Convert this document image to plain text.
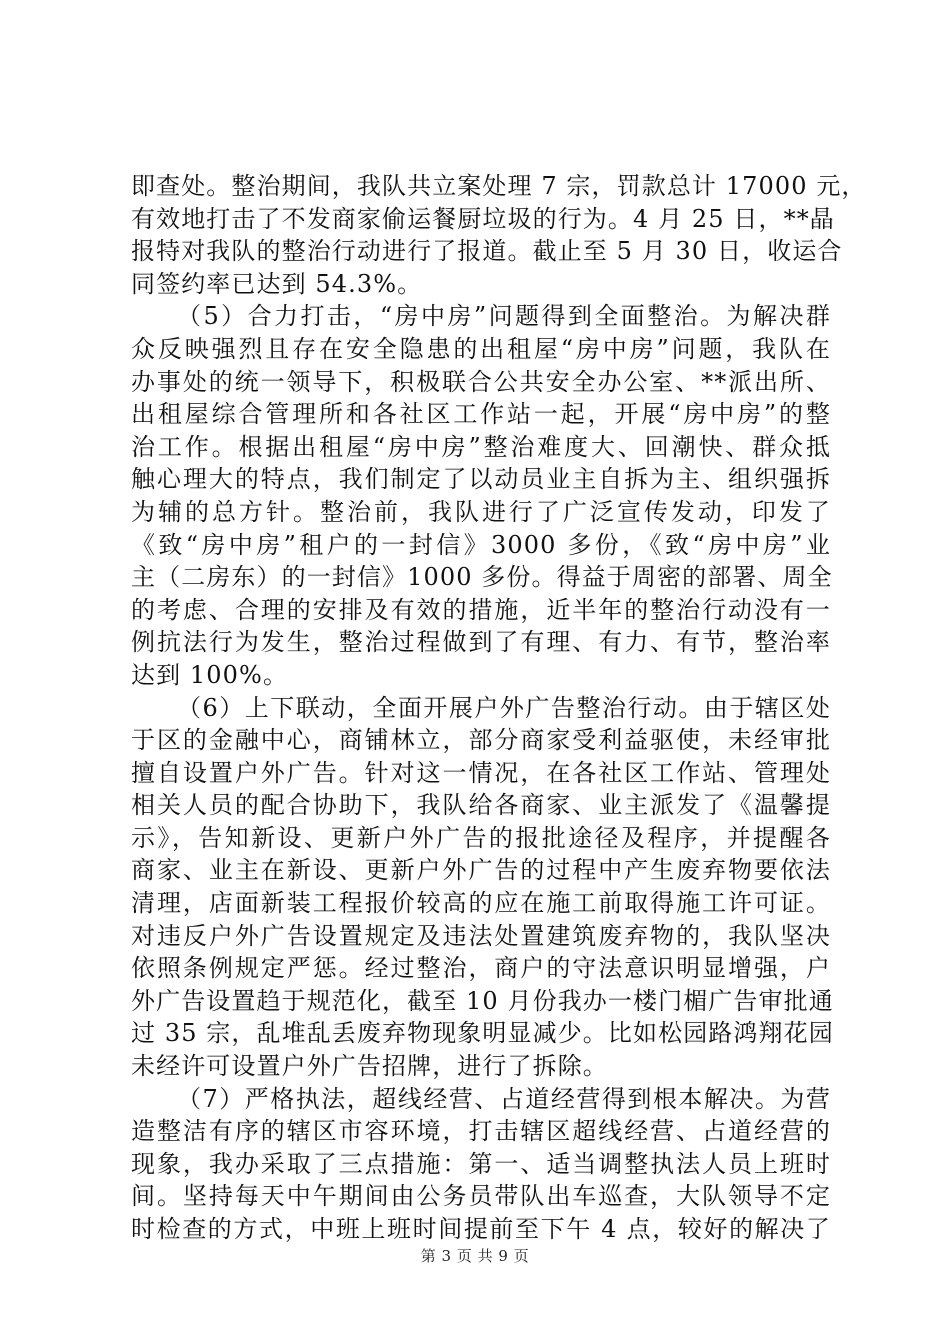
即查处。整治期间，我队共立案处理 7 宗，罚款总计 17000 元，
有效地打击了不发商家偷运餐厨垃圾的行为。4 月 25 日，**晶
报特对我队的整治行动进行了报道。截止至 5 月 30 日，收运合
同签约率已达到 54.3%。
（5）合力打击，“房中房”问题得到全面整治。为解决群
众反映强烈且存在安全隐患的出租屋“房中房”问题，我队在
办事处的统一领导下，积极联合公共安全办公室、**派出所、
出租屋综合管理所和各社区工作站一起，开展“房中房”的整
治工作。根据出租屋“房中房”整治难度大、回潮快、群众抵
触心理大的特点，我们制定了以动员业主自拆为主、组织强拆
为辅的总方针。整治前，我队进行了广泛宣传发动，印发了
《致“房中房”租户的一封信》3000 多份，《致“房中房”业
主（二房东）的一封信》1000 多份。得益于周密的部署、周全
的考虑、合理的安排及有效的措施，近半年的整治行动没有一
例抗法行为发生，整治过程做到了有理、有力、有节，整治率
达到 100%。
（6）上下联动，全面开展户外广告整治行动。由于辖区处
于区的金融中心，商铺林立，部分商家受利益驱使，未经审批
擅自设置户外广告。针对这一情况，在各社区工作站、管理处
相关人员的配合协助下，我队给各商家、业主派发了《温馨提
示》，告知新设、更新户外广告的报批途径及程序，并提醒各
商家、业主在新设、更新户外广告的过程中产生废弃物要依法
清理，店面新装工程报价较高的应在施工前取得施工许可证。
对违反户外广告设置规定及违法处置建筑废弃物的，我队坚决
依照条例规定严惩。经过整治，商户的守法意识明显增强，户
外广告设置趋于规范化，截至 10 月份我办一楼门楣广告审批通
过 35 宗，乱堆乱丢废弃物现象明显减少。比如松园路鸿翔花园
未经许可设置户外广告招牌，进行了拆除。
（7）严格执法，超线经营、占道经营得到根本解决。为营
造整洁有序的辖区市容环境，打击辖区超线经营、占道经营的
现象，我办采取了三点措施：第一、适当调整执法人员上班时
间。坚持每天中午期间由公务员带队出车巡查，大队领导不定
时检查的方式，中班上班时间提前至下午 4 点，较好的解决了
第 3 页 共 9 页
